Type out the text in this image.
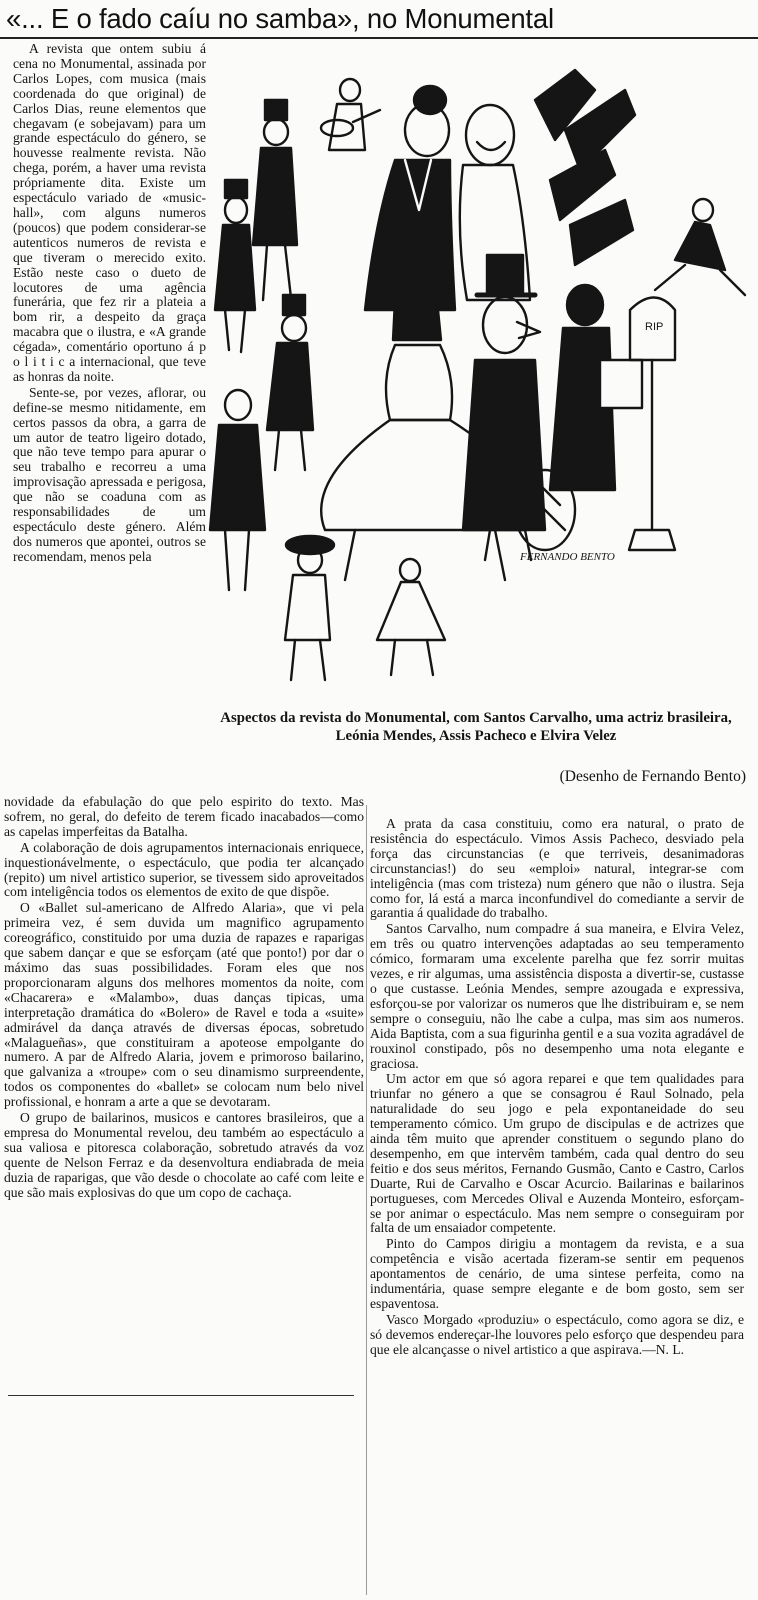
«... E o fado caíu no samba», no Monumental

A revista que ontem subiu á cena no Monumental, assinada por Carlos Lopes, com musica (mais coordenada do que original) de Carlos Dias, reune elementos que chegavam (e sobejavam) para um grande espectáculo do género, se houvesse realmente revista. Não chega, porém, a haver uma revista própriamente dita. Existe um espectáculo variado de «music-hall», com alguns numeros (poucos) que podem considerar-se autenticos numeros de revista e que tiveram o merecido exito. Estão neste caso o dueto de locutores de uma agência funerária, que fez rir a plateia a bom rir, a despeito da graça macabra que o ilustra, e «A grande cégada», comentário oportuno á p o l i t i c a internacional, que teve as honras da noite.

Sente-se, por vezes, aflorar, ou define-se mesmo nitidamente, em certos passos da obra, a garra de um autor de teatro ligeiro dotado, que não teve tempo para apurar o seu trabalho e recorreu a uma improvisação apressada e perigosa, que não se coaduna com as responsabilidades de um espectáculo deste género. Além dos numeros que apontei, outros se recomendam, menos pela

RIP
FERNANDO BENTO
Aspectos da revista do Monumental, com Santos Carvalho, uma actriz brasileira, Leónia Mendes, Assis Pacheco e Elvira Velez
(Desenho de Fernando Bento)

novidade da efabulação do que pelo espirito do texto. Mas sofrem, no geral, do defeito de terem ficado inacabados—como as capelas imperfeitas da Batalha.

A colaboração de dois agrupamentos internacionais enriquece, inquestionávelmente, o espectáculo, que podia ter alcançado (repito) um nivel artistico superior, se tivessem sido aproveitados com inteligência todos os elementos de exito de que dispõe.

O «Ballet sul-americano de Alfredo Alaria», que vi pela primeira vez, é sem duvida um magnifico agrupamento coreográfico, constituido por uma duzia de rapazes e raparigas que sabem dançar e que se esforçam (até que ponto!) por dar o máximo das suas possibilidades. Foram eles que nos proporcionaram alguns dos melhores momentos da noite, com «Chacarera» e «Malambo», duas danças tipicas, uma interpretação dramática do «Bolero» de Ravel e toda a «suite» admirável da dança através de diversas épocas, sobretudo «Malagueñas», que constituiram a apoteose empolgante do numero. A par de Alfredo Alaria, jovem e primoroso bailarino, que galvaniza a «troupe» com o seu dinamismo surpreendente, todos os componentes do «ballet» se colocam num belo nivel profissional, e honram a arte a que se devotaram.

O grupo de bailarinos, musicos e cantores brasileiros, que a empresa do Monumental revelou, deu também ao espectáculo a sua valiosa e pitoresca colaboração, sobretudo através da voz quente de Nelson Ferraz e da desenvoltura endiabrada de meia duzia de raparigas, que vão desde o chocolate ao café com leite e que são mais explosivas do que um copo de cachaça.

A prata da casa constituiu, como era natural, o prato de resistência do espectáculo. Vimos Assis Pacheco, desviado pela força das circunstancias (e que terriveis, desanimadoras circunstancias!) do seu «emploi» natural, integrar-se com inteligência (mas com tristeza) num género que não o ilustra. Seja como for, lá está a marca inconfundivel do comediante a servir de garantia á qualidade do trabalho.

Santos Carvalho, num compadre á sua maneira, e Elvira Velez, em três ou quatro intervenções adaptadas ao seu temperamento cómico, formaram uma excelente parelha que fez sorrir muitas vezes, e rir algumas, uma assistência disposta a divertir-se, custasse o que custasse. Leónia Mendes, sempre azougada e expressiva, esforçou-se por valorizar os numeros que lhe distribuiram e, se nem sempre o conseguiu, não lhe cabe a culpa, mas sim aos numeros. Aida Baptista, com a sua figurinha gentil e a sua vozita agradável de rouxinol constipado, pôs no desempenho uma nota elegante e graciosa.

Um actor em que só agora reparei e que tem qualidades para triunfar no género a que se consagrou é Raul Solnado, pela naturalidade do seu jogo e pela expontaneidade do seu temperamento cómico. Um grupo de discipulas e de actrizes que ainda têm muito que aprender constituem o segundo plano do desempenho, em que intervêm também, cada qual dentro do seu feitio e dos seus méritos, Fernando Gusmão, Canto e Castro, Carlos Duarte, Rui de Carvalho e Oscar Acurcio. Bailarinas e bailarinos portugueses, com Mercedes Olival e Auzenda Monteiro, esforçam-se por animar o espectáculo. Mas nem sempre o conseguiram por falta de um ensaiador competente.

Pinto do Campos dirigiu a montagem da revista, e a sua competência e visão acertada fizeram-se sentir em pequenos apontamentos de cenário, de uma sintese perfeita, como na indumentária, quase sempre elegante e de bom gosto, sem ser espaventosa.

Vasco Morgado «produziu» o espectáculo, como agora se diz, e só devemos endereçar-lhe louvores pelo esforço que despendeu para que ele alcançasse o nivel artistico a que aspirava.—N. L.
